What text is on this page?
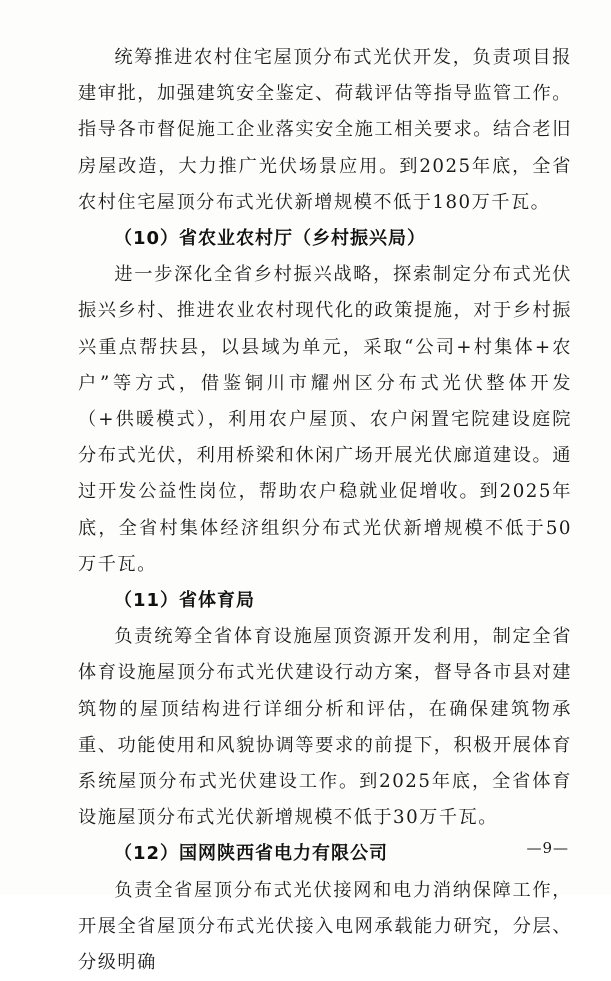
统筹推进农村住宅屋顶分布式光伏开发，负责项目报建审批，加强建筑安全鉴定、荷载评估等指导监管工作。指导各市督促施工企业落实安全施工相关要求。结合老旧房屋改造，大力推广光伏场景应用。到2025年底，全省农村住宅屋顶分布式光伏新增规模不低于180万千瓦。

（10）省农业农村厅（乡村振兴局）

进一步深化全省乡村振兴战略，探索制定分布式光伏振兴乡村、推进农业农村现代化的政策提施，对于乡村振兴重点帮扶县，以县域为单元，采取“公司+村集体+农户”等方式，借鉴铜川市耀州区分布式光伏整体开发（+供暖模式），利用农户屋顶、农户闲置宅院建设庭院分布式光伏，利用桥梁和休闲广场开展光伏廊道建设。通过开发公益性岗位，帮助农户稳就业促增收。到2025年底，全省村集体经济组织分布式光伏新增规模不低于50万千瓦。

（11）省体育局

负责统筹全省体育设施屋顶资源开发利用，制定全省体育设施屋顶分布式光伏建设行动方案，督导各市县对建筑物的屋顶结构进行详细分析和评估，在确保建筑物承重、功能使用和风貌协调等要求的前提下，积极开展体育系统屋顶分布式光伏建设工作。到2025年底，全省体育设施屋顶分布式光伏新增规模不低于30万千瓦。

（12）国网陕西省电力有限公司

负责全省屋顶分布式光伏接网和电力消纳保障工作，开展全省屋顶分布式光伏接入电网承载能力研究，分层、分级明确

—9—
